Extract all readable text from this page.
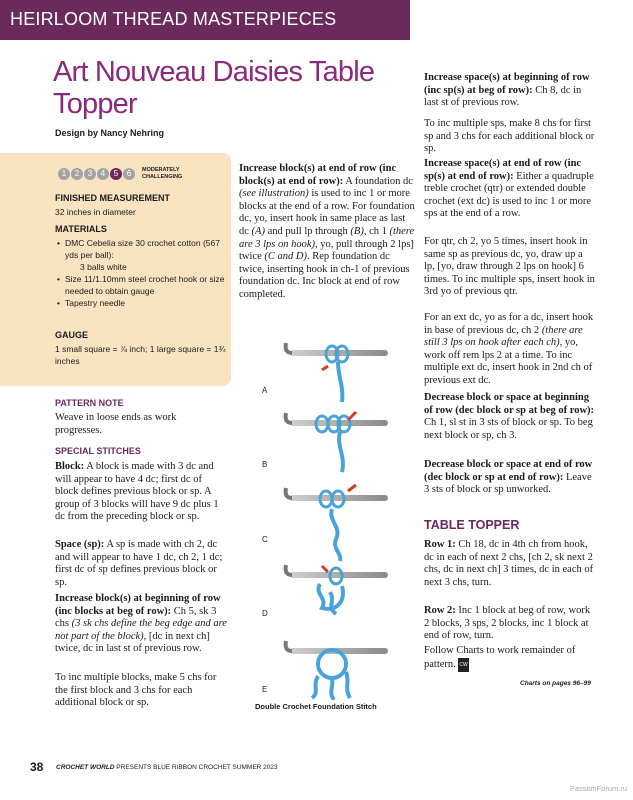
HEIRLOOM THREAD MASTERPIECES
Art Nouveau Daisies Table Topper
Design by Nancy Nehring
1	2	3	4	5	6	MODERATELY CHALLENGING
FINISHED MEASUREMENT
32 inches in diameter
MATERIALS
• DMC Cebelia size 30 crochet cotton (567 yds per ball):
3 balls white
• Size 11/1.10mm steel crochet hook or size needed to obtain gauge
• Tapestry needle
GAUGE
1 small square = ⅞ inch; 1 large square = 1¾ inches
PATTERN NOTE
Weave in loose ends as work progresses.
SPECIAL STITCHES
Block: A block is made with 3 dc and will appear to have 4 dc; first dc of block defines previous block or sp. A group of 3 blocks will have 9 dc plus 1 dc from the preceding block or sp.
Space (sp): A sp is made with ch 2, dc and will appear to have 1 dc, ch 2, 1 dc; first dc of sp defines previous block or sp.
Increase block(s) at beginning of row (inc blocks at beg of row): Ch 5, sk 3 chs (3 sk chs define the beg edge and are not part of the block), [dc in next ch] twice, dc in last st of previous row.
To inc multiple blocks, make 5 chs for the first block and 3 chs for each additional block or sp.
Increase block(s) at end of row (inc block(s) at end of row): A foundation dc (see illustration) is used to inc 1 or more blocks at the end of a row. For foundation dc, yo, insert hook in same place as last dc (A) and pull lp through (B), ch 1 (there are 3 lps on hook), yo, pull through 2 lps] twice (C and D). Rep foundation dc twice, inserting hook in ch-1 of previous foundation dc. Inc block at end of row completed.
A
B
C
D
E
Double Crochet Foundation Stitch
Increase space(s) at beginning of row (inc sp(s) at beg of row): Ch 8, dc in last st of previous row.
To inc multiple sps, make 8 chs for first sp and 3 chs for each additional block or sp.
Increase space(s) at end of row (inc sp(s) at end of row): Either a quadruple treble crochet (qtr) or extended double crochet (ext dc) is used to inc 1 or more sps at the end of a row.
For qtr, ch 2, yo 5 times, insert hook in same sp as previous dc, yo, draw up a lp, [yo, draw through 2 lps on hook] 6 times. To inc multiple sps, insert hook in 3rd yo of previous qtr.
For an ext dc, yo as for a dc, insert hook in base of previous dc, ch 2 (there are still 3 lps on hook after each ch), yo, work off rem lps 2 at a time. To inc multiple ext dc, insert hook in 2nd ch of previous ext dc.
Decrease block or space at beginning of row (dec block or sp at beg of row): Ch 1, sl st in 3 sts of block or sp. To beg next block or sp, ch 3.
Decrease block or space at end of row (dec block or sp at end of row): Leave 3 sts of block or sp unworked.
TABLE TOPPER
Row 1: Ch 18, dc in 4th ch from hook, dc in each of next 2 chs, [ch 2, sk next 2 chs, dc in next ch] 3 times, dc in each of next 3 chs, turn.
Row 2: Inc 1 block at beg of row, work 2 blocks, 3 sps, 2 blocks, inc 1 block at end of row, turn.
Follow Charts to work remainder of pattern. CW
Charts on pages 96–99
38 CROCHET WORLD PRESENTS BLUE RIBBON CROCHET SUMMER 2023
PassionForum.ru
